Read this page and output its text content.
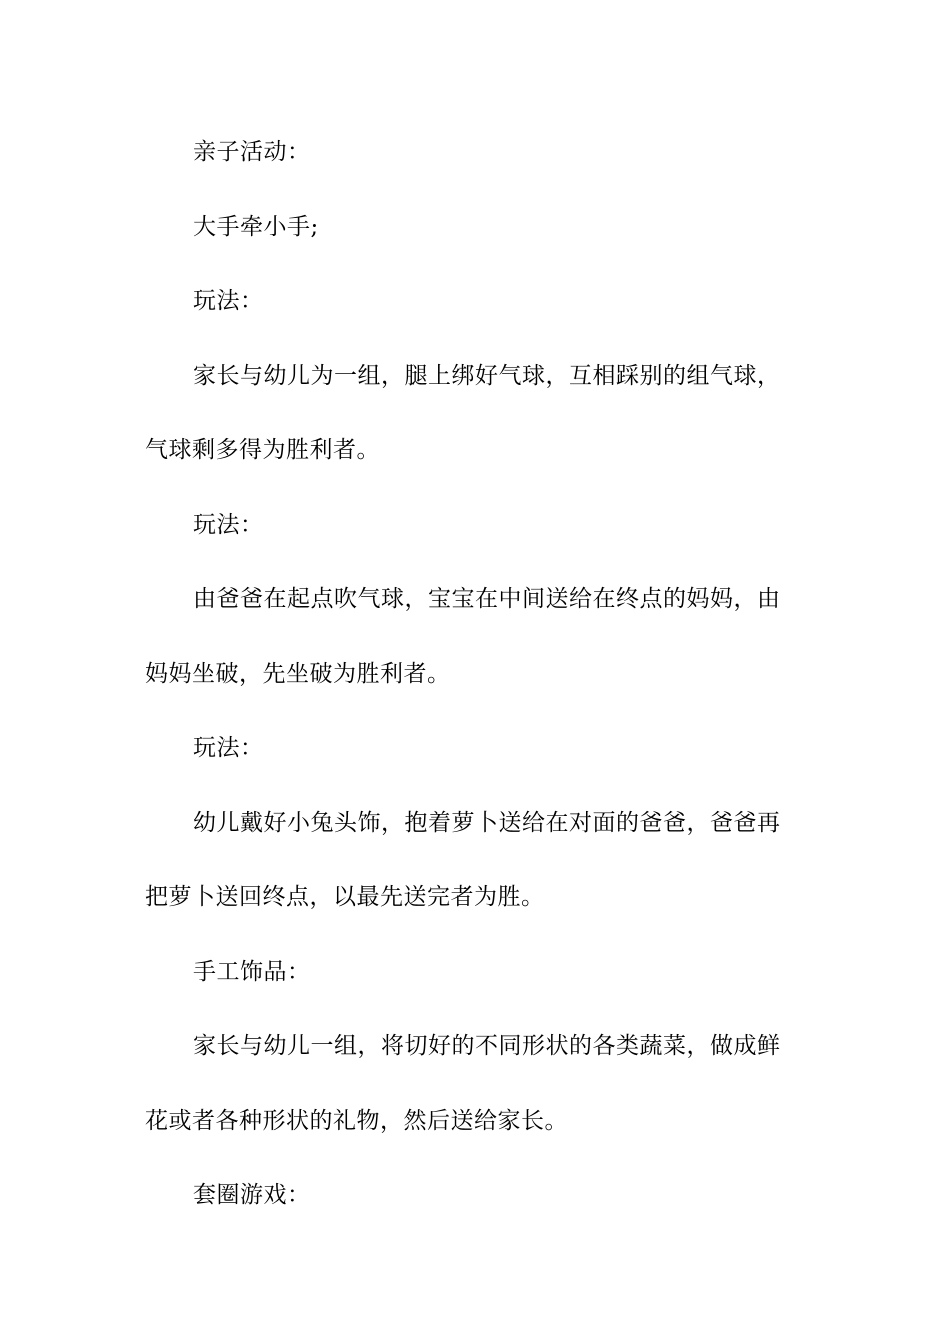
亲子活动：
大手牵小手;
玩法：
家长与幼儿为一组，腿上绑好气球，互相踩别的组气球，
气球剩多得为胜利者。
玩法：
由爸爸在起点吹气球，宝宝在中间送给在终点的妈妈，由
妈妈坐破，先坐破为胜利者。
玩法：
幼儿戴好小兔头饰，抱着萝卜送给在对面的爸爸，爸爸再
把萝卜送回终点，以最先送完者为胜。
手工饰品：
家长与幼儿一组，将切好的不同形状的各类蔬菜，做成鲜
花或者各种形状的礼物，然后送给家长。
套圈游戏：
